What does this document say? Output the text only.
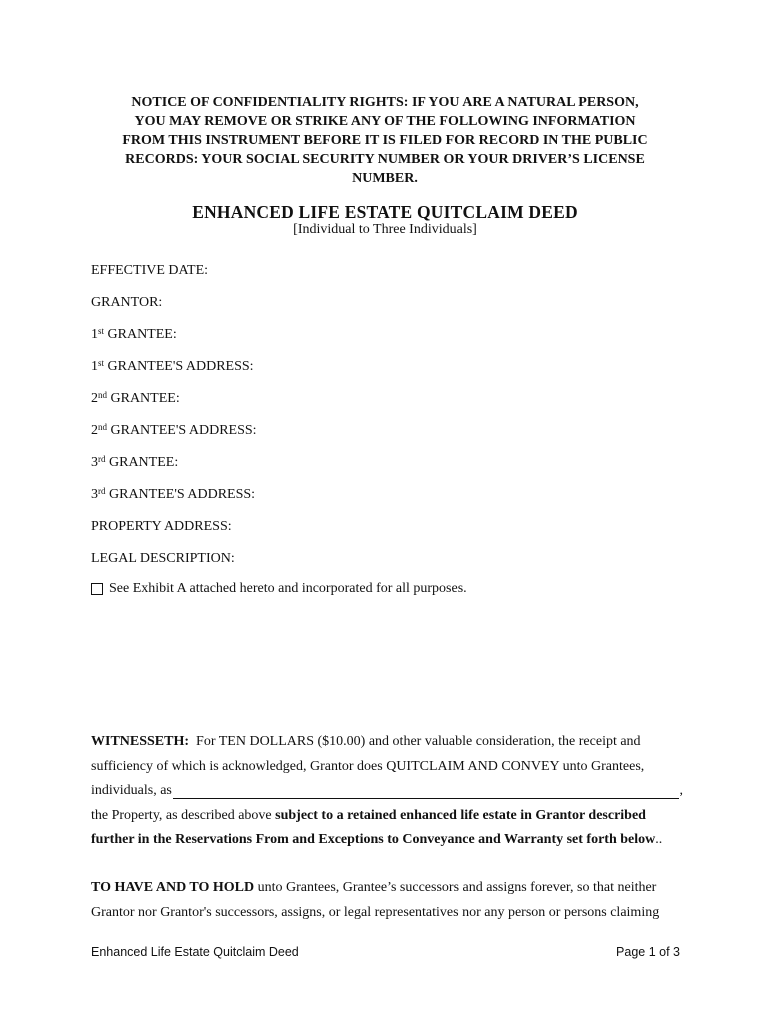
NOTICE OF CONFIDENTIALITY RIGHTS: IF YOU ARE A NATURAL PERSON,
YOU MAY REMOVE OR STRIKE ANY OF THE FOLLOWING INFORMATION
FROM THIS INSTRUMENT BEFORE IT IS FILED FOR RECORD IN THE PUBLIC
RECORDS: YOUR SOCIAL SECURITY NUMBER OR YOUR DRIVER’S LICENSE
NUMBER.
ENHANCED LIFE ESTATE QUITCLAIM DEED
[Individual to Three Individuals]
EFFECTIVE DATE:
GRANTOR:
1st GRANTEE:
1st GRANTEE'S ADDRESS:
2nd GRANTEE:
2nd GRANTEE'S ADDRESS:
3rd GRANTEE:
3rd GRANTEE'S ADDRESS:
PROPERTY ADDRESS:
LEGAL DESCRIPTION:
See Exhibit A attached hereto and incorporated for all purposes.
WITNESSETH:  For TEN DOLLARS ($10.00) and other valuable consideration, the receipt and
sufficiency of which is acknowledged, Grantor does QUITCLAIM AND CONVEY unto Grantees,
individuals, as	,
the Property, as described above subject to a retained enhanced life estate in Grantor described
further in the Reservations From and Exceptions to Conveyance and Warranty set forth below..
TO HAVE AND TO HOLD unto Grantees, Grantee’s successors and assigns forever, so that neither
Grantor nor Grantor's successors, assigns, or legal representatives nor any person or persons claiming
Enhanced Life Estate Quitclaim Deed	Page 1 of 3
